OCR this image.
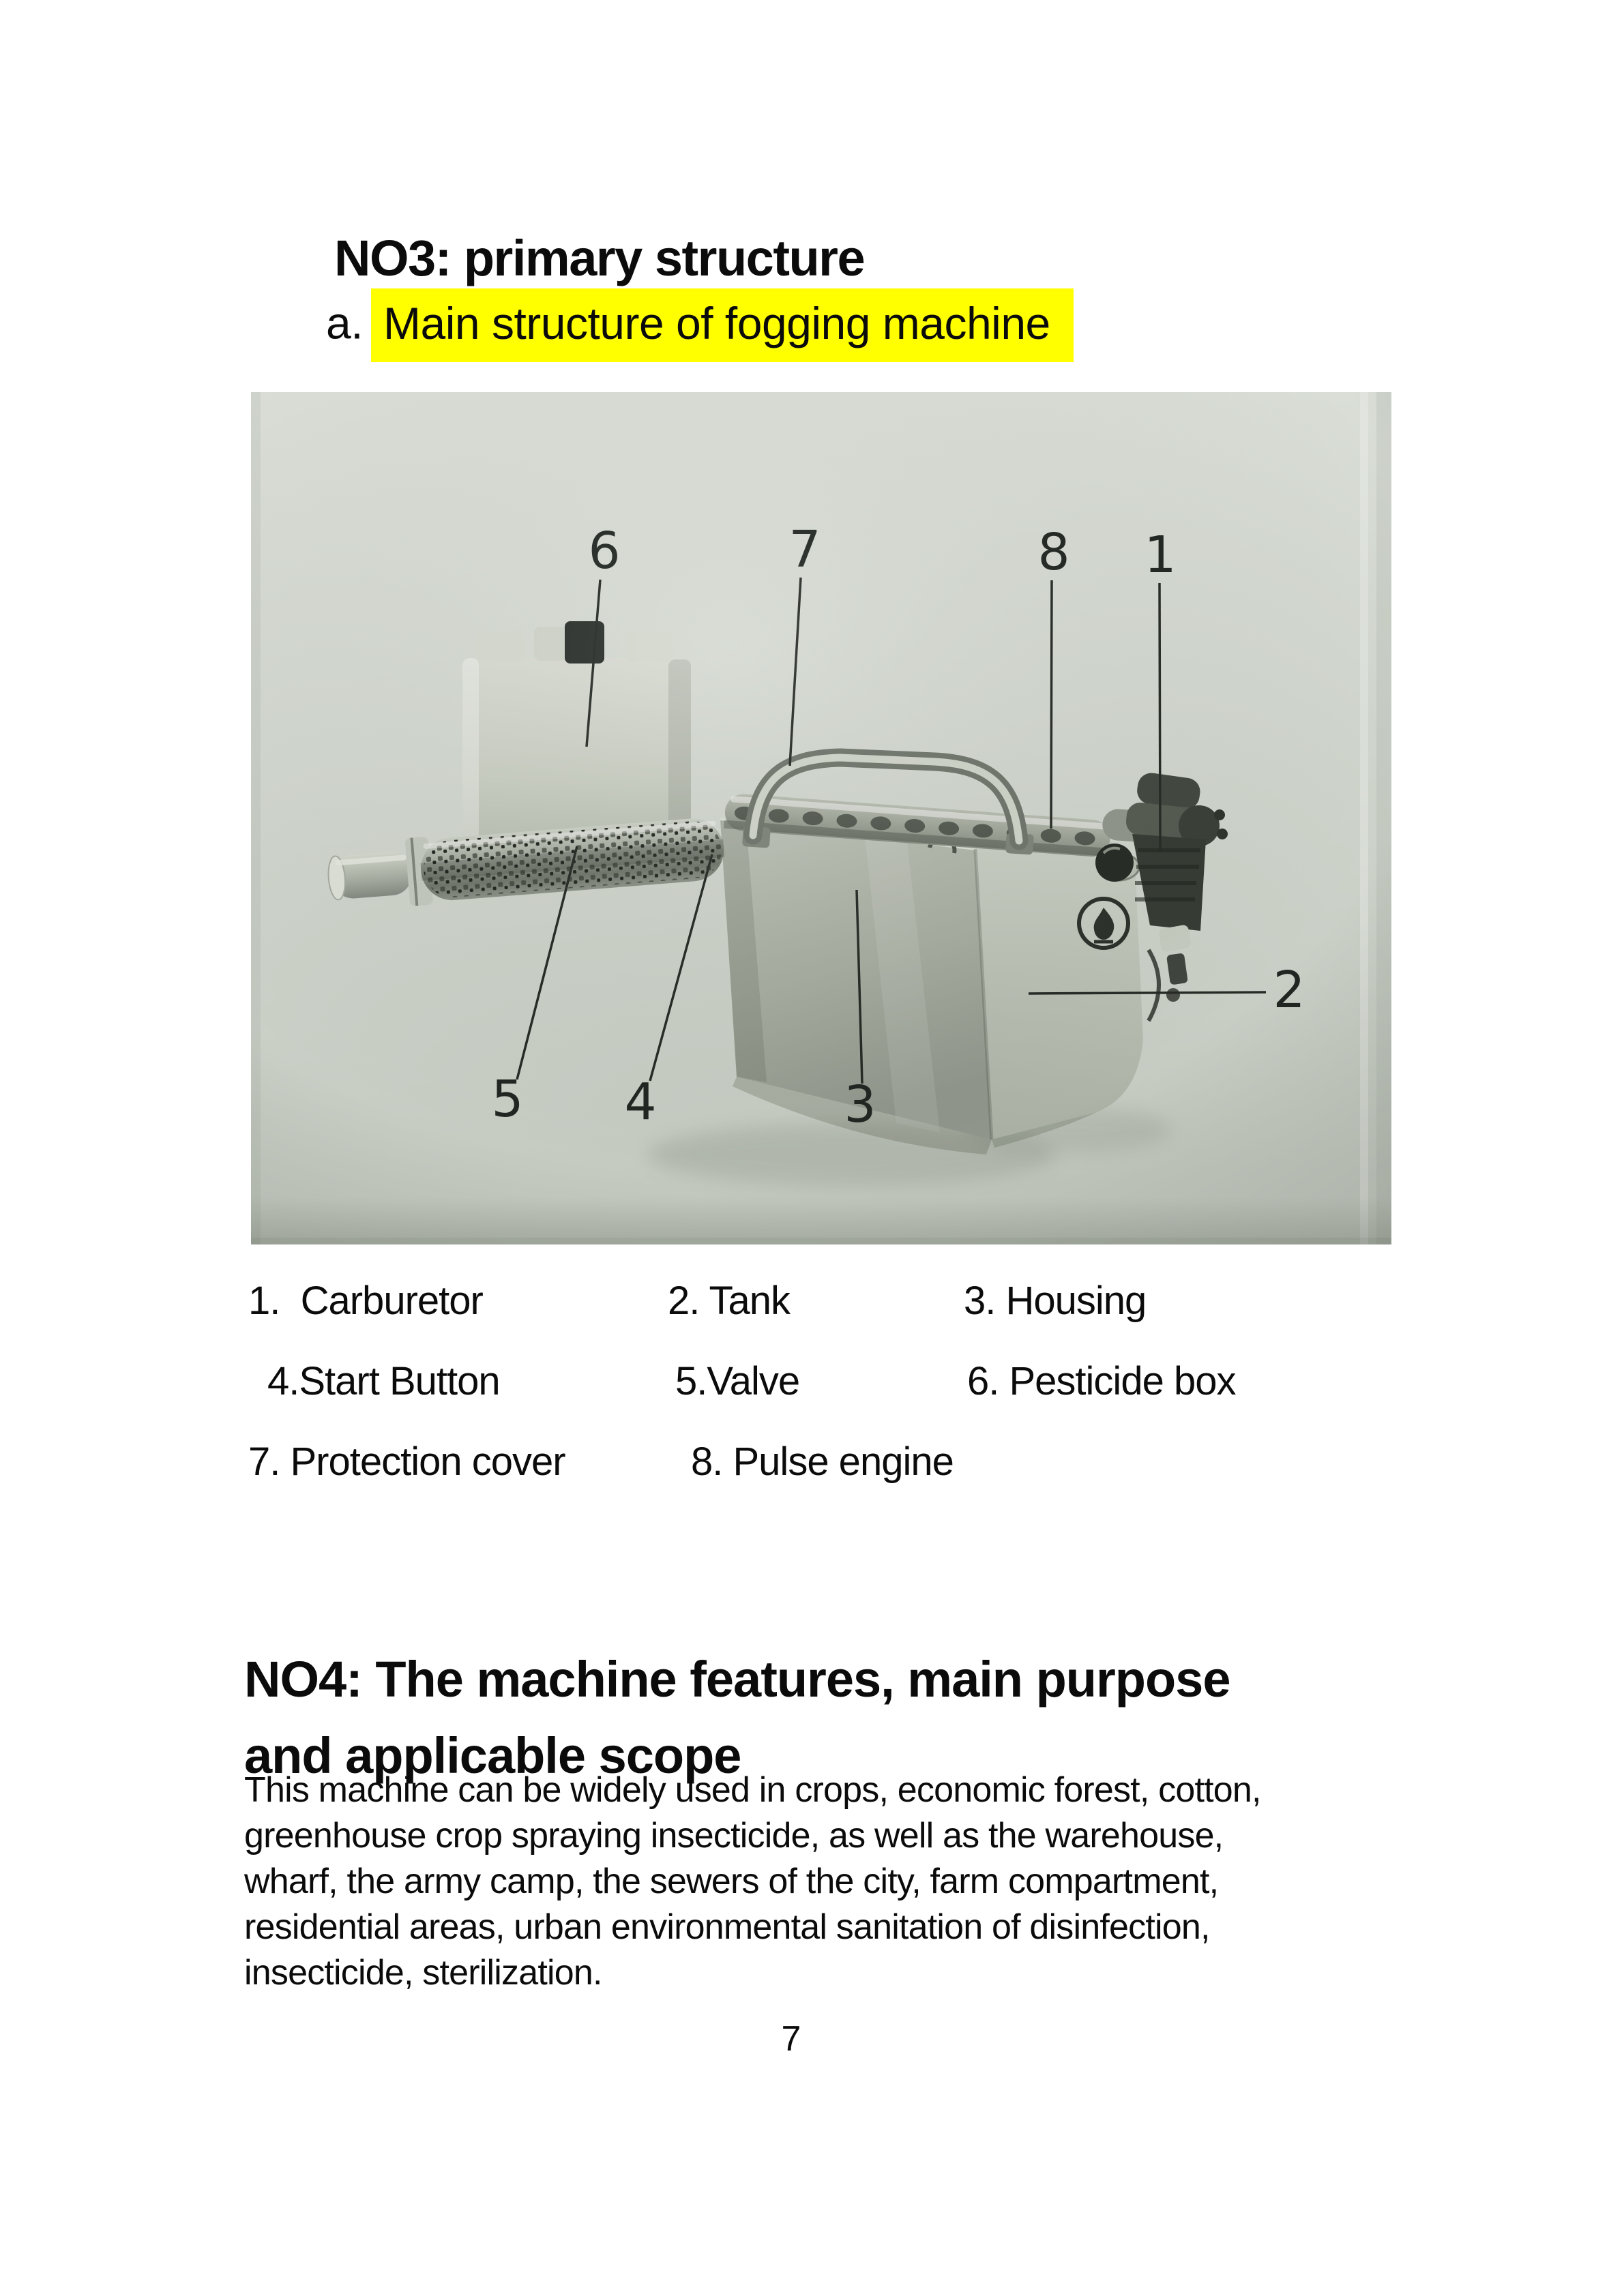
NO3: primary structure
a. Main structure of fogging machine
1.  Carburetor	2. Tank	3. Housing
4.Start Button	5.Valve	6. Pesticide box
7. Protection cover	8. Pulse engine
NO4: The machine features, main purpose
and applicable scope
This machine can be widely used in crops, economic forest, cotton,
greenhouse crop spraying insecticide, as well as the warehouse,
wharf, the army camp, the sewers of the city, farm compartment,
residential areas, urban environmental sanitation of disinfection,
insecticide, sterilization.
7
